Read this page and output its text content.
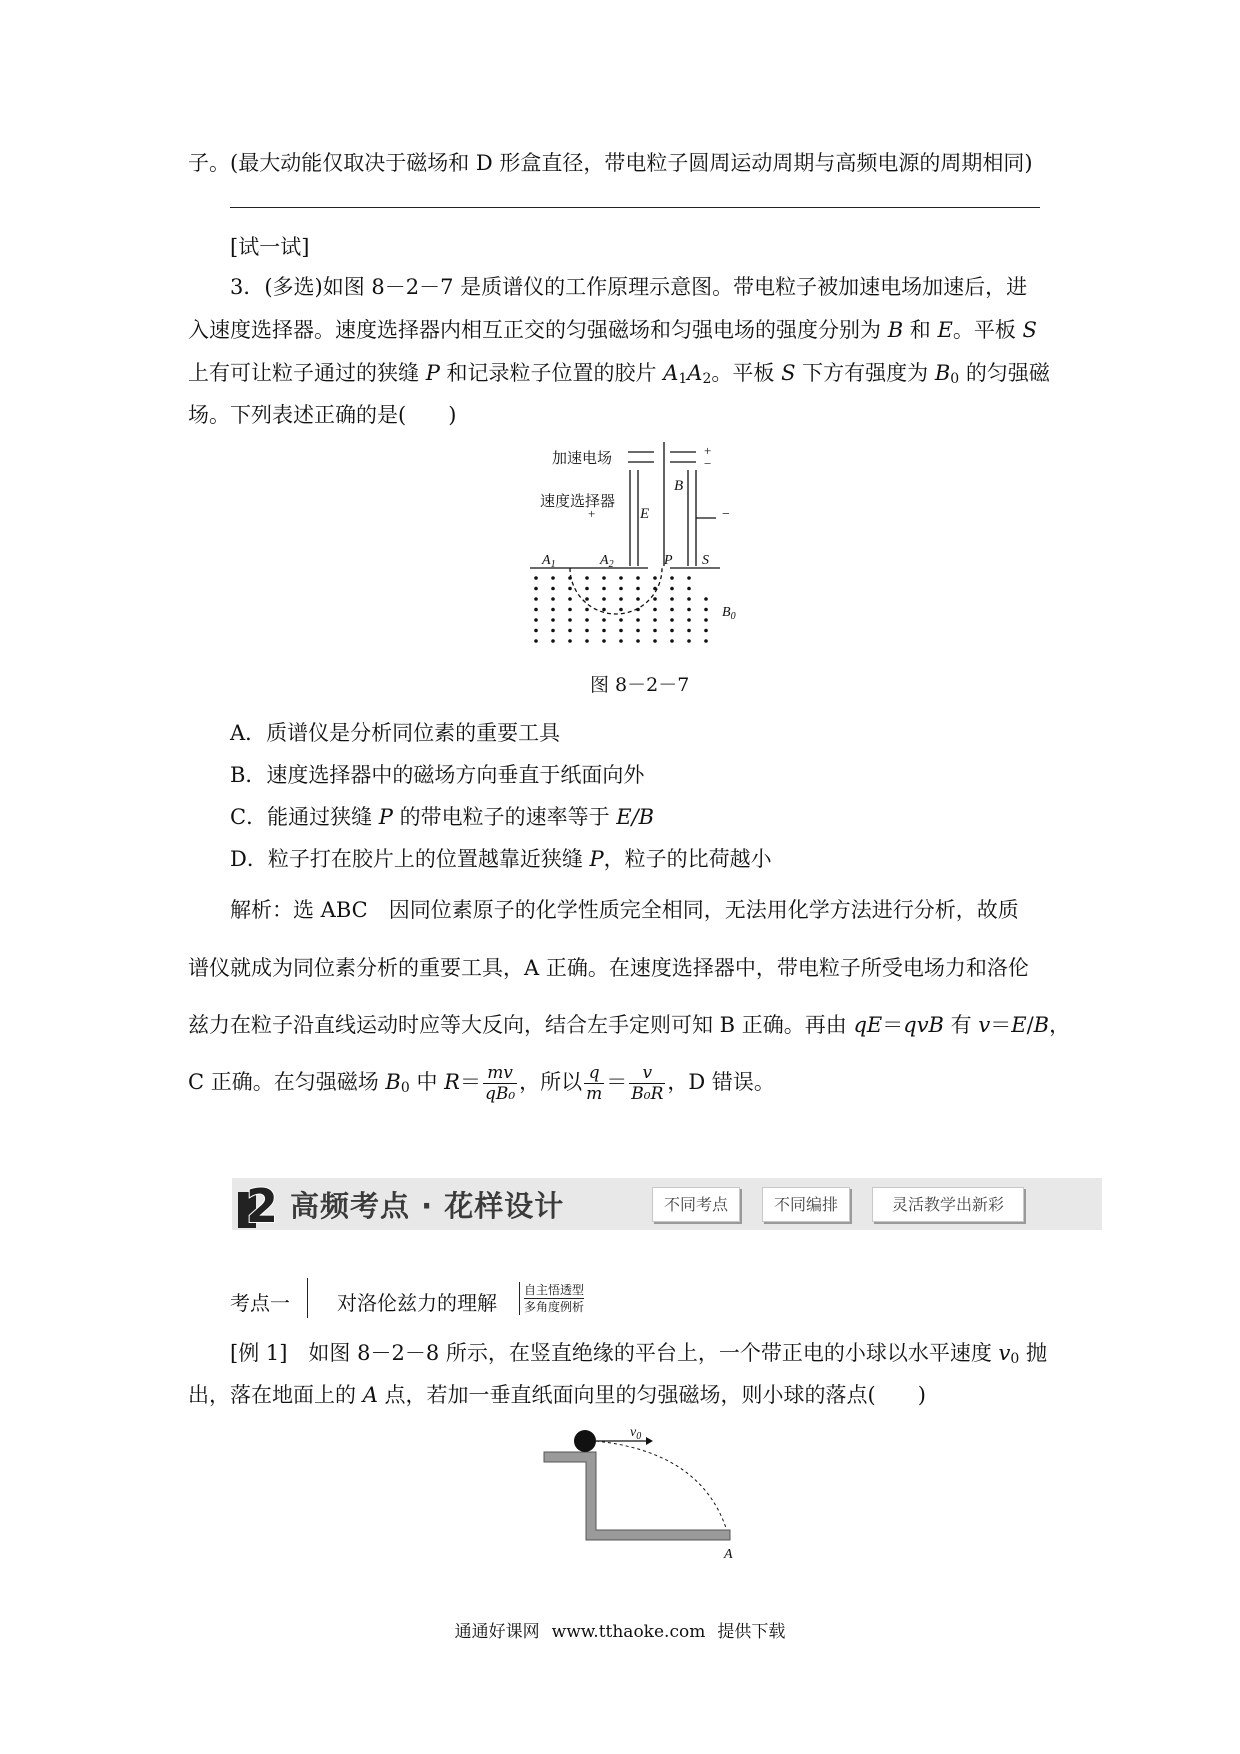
子。(最大动能仅取决于磁场和 D 形盒直径，带电粒子圆周运动周期与高频电源的周期相同)
[试一试]
3．(多选)如图 8－2－7 是质谱仪的工作原理示意图。带电粒子被加速电场加速后，进
入速度选择器。速度选择器内相互正交的匀强磁场和匀强电场的强度分别为 B 和 E。平板 S
上有可让粒子通过的狭缝 P 和记录粒子位置的胶片 $A_1A_2$。平板 S 下方有强度为 $B_0$ 的匀强磁
场。下列表述正确的是(　　)
加速电场
速度选择器
+
−
+	−
E
B
$A_1$	$A_2$	P S
$B_0$
图 8－2－7
A．质谱仪是分析同位素的重要工具
B．速度选择器中的磁场方向垂直于纸面向外
C．能通过狭缝 P 的带电粒子的速率等于 E/B
D．粒子打在胶片上的位置越靠近狭缝 P，粒子的比荷越小
解析：选 ABC　因同位素原子的化学性质完全相同，无法用化学方法进行分析，故质
谱仪就成为同位素分析的重要工具，A 正确。在速度选择器中，带电粒子所受电场力和洛伦
兹力在粒子沿直线运动时应等大反向，结合左手定则可知 B 正确。再由 qE＝qvB 有 v＝E/B，
C 正确。在匀强磁场 $B_0$ 中 $R= \frac{mv}{\text{qB₀}}$ ，所以 $\frac{q}{m} = \frac{v}{\text{B₀R}}$ ，D 错误。
2 高频考点 · 花样设计	不同考点	不同编排	灵活教学出新彩
考点一 对洛伦兹力的理解
自主悟透型
多角度例析
[例 1]　如图 8－2－8 所示，在竖直绝缘的平台上，一个带正电的小球以水平速度 $v_0$ 抛
出，落在地面上的 A 点，若加一垂直纸面向里的匀强磁场，则小球的落点(　　)
$v_0$
A
通通好课网 www.tthaoke.com 提供下载
